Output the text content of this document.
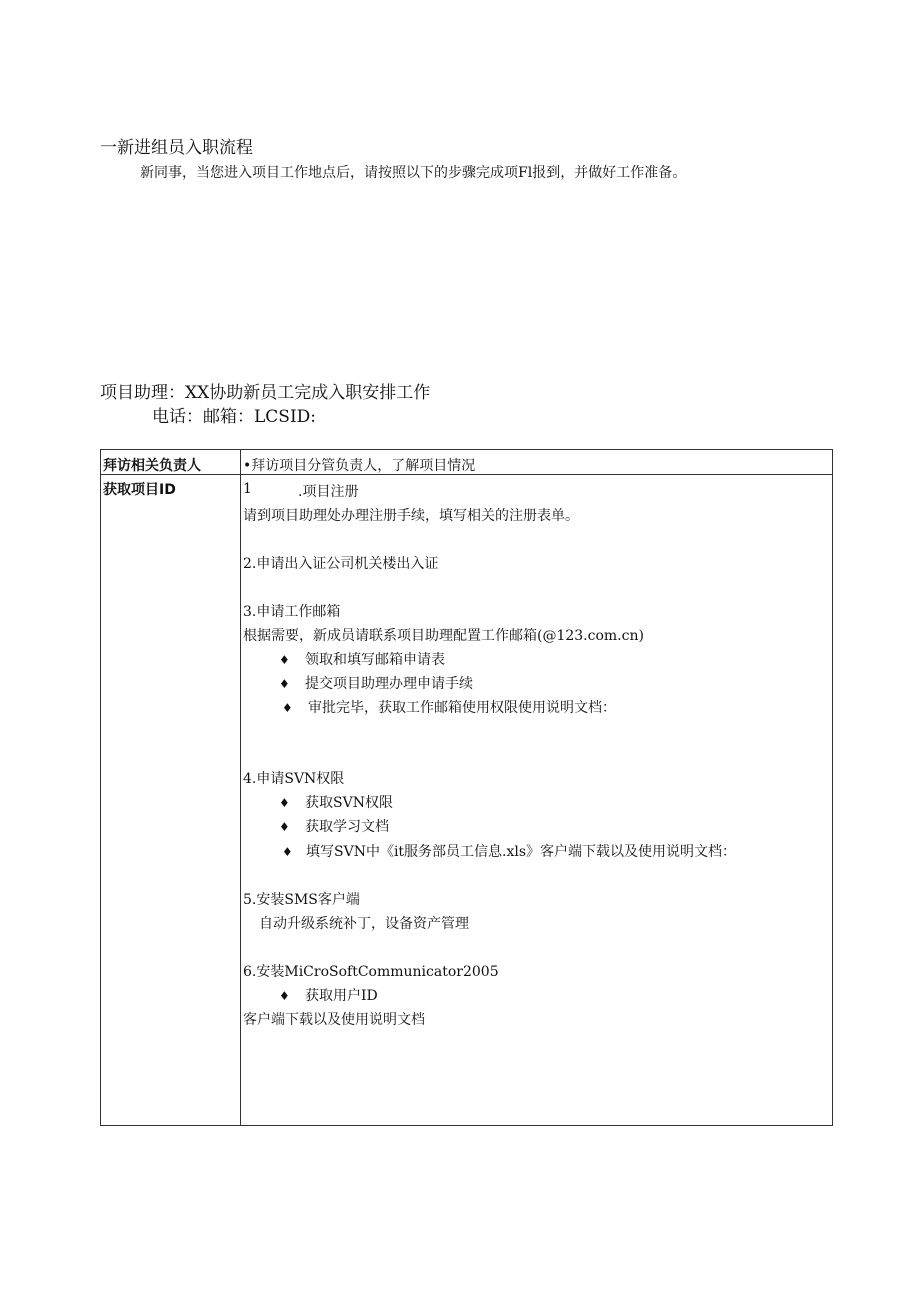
一新进组员入职流程
新同事，当您进入项目工作地点后，请按照以下的步骤完成项Fl报到，并做好工作准备。
项目助理：XX协助新员工完成入职安排工作
电话：邮箱：LCSID:
拜访相关负责人	•拜访项目分管负责人，了解项目情况
获取项目ID	1	.项目注册
请到项目助理处办理注册手续，填写相关的注册表单。
2.申请出入证公司机关楼出入证
3.申请工作邮箱
根据需要，新成员请联系项目助理配置工作邮箱(@123.com.cn)
♦ 领取和填写邮箱申请表
♦ 提交项目助理办理申请手续
♦ 审批完毕，获取工作邮箱使用权限使用说明文档：
4.申请SVN权限
♦ 获取SVN权限
♦ 获取学习文档
♦ 填写SVN中《it服务部员工信息.xls》客户端下载以及使用说明文档：
5.安装SMS客户端
自动升级系统补丁，设备资产管理
6.安装MiCroSoftCommunicator2005
♦ 获取用户ID
客户端下载以及使用说明文档
